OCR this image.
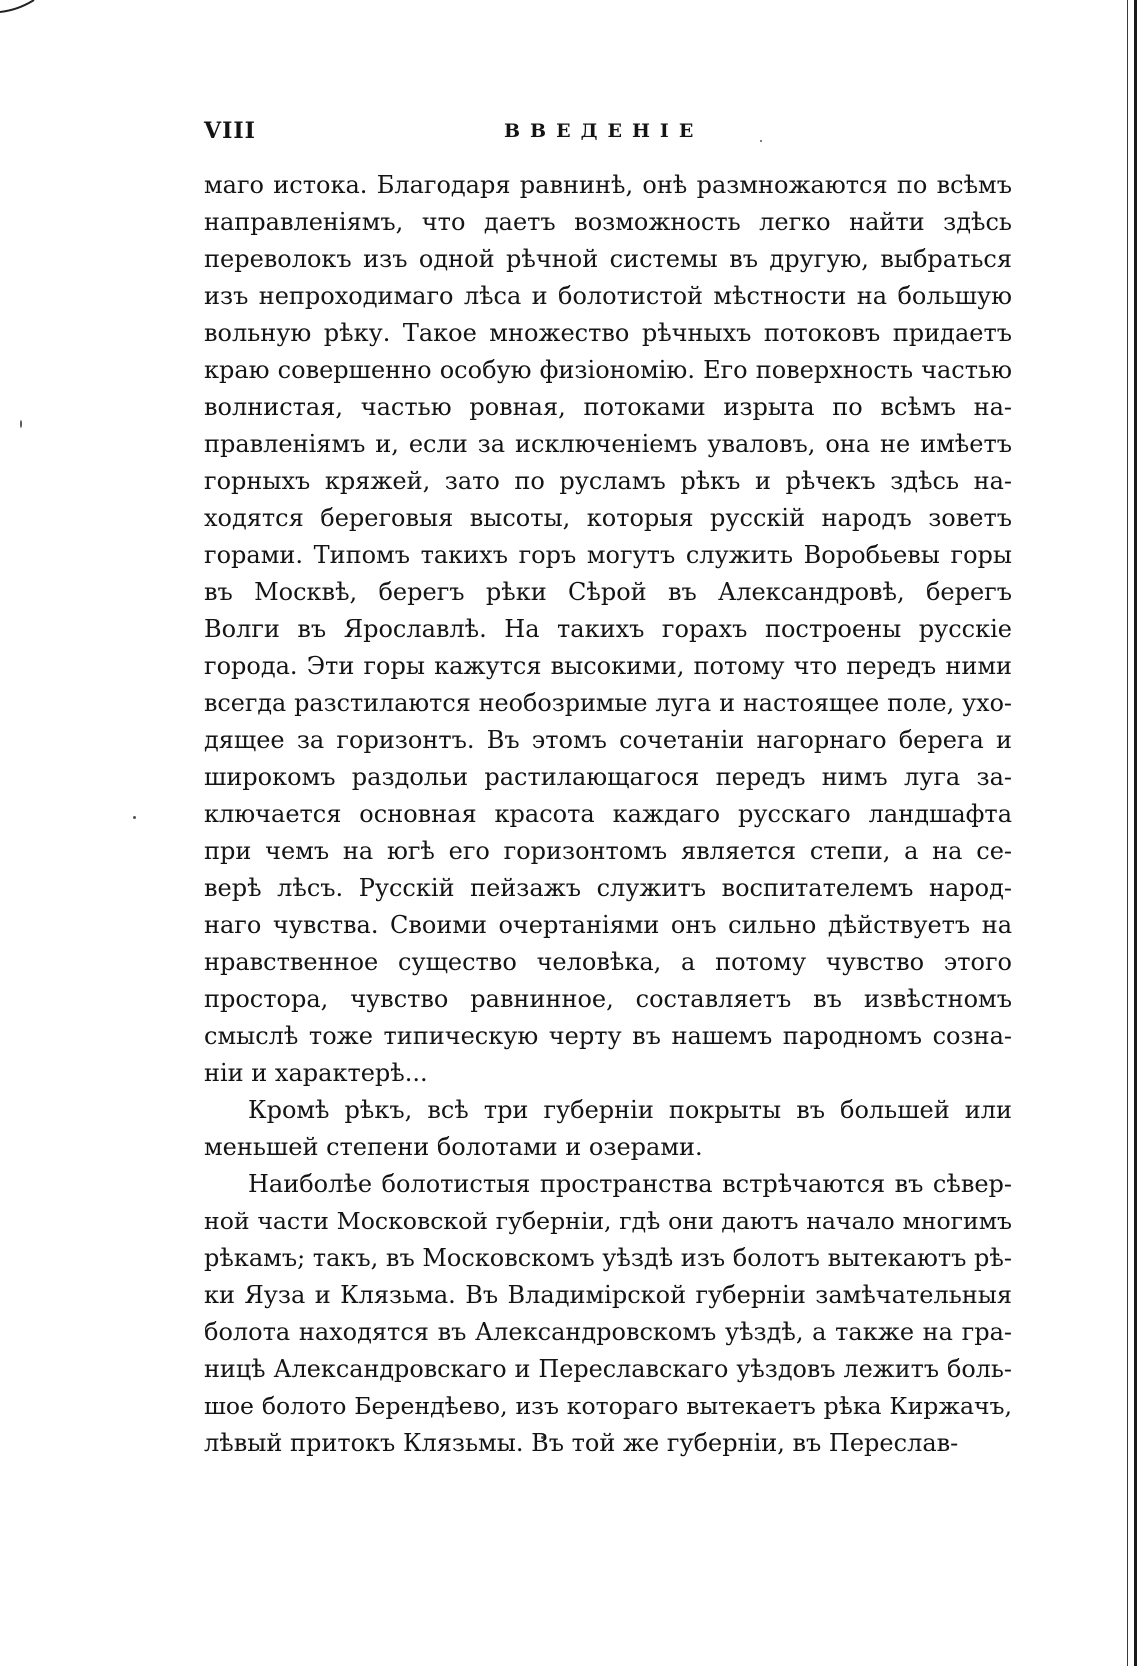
VIII	ВВЕДЕНІЕ
маго истока. Благодаря равнинѣ, онѣ размножаются по всѣмъ
направленіямъ, что даетъ возможность легко найти здѣсь
переволокъ изъ одной рѣчной системы въ другую, выбраться
изъ непроходимаго лѣса и болотистой мѣстности на большую
вольную рѣку. Такое множество рѣчныхъ потоковъ придаетъ
краю совершенно особую физіономію. Его поверхность частью
волнистая, частью ровная, потоками изрыта по всѣмъ на-
правленіямъ и, если за исключеніемъ уваловъ, она не имѣетъ
горныхъ кряжей, зато по русламъ рѣкъ и рѣчекъ здѣсь на-
ходятся береговыя высоты, которыя русскій народъ зоветъ
горами. Типомъ такихъ горъ могутъ служить Воробьевы горы
въ Москвѣ, берегъ рѣки Сѣрой въ Александровѣ, берегъ
Волги въ Ярославлѣ. На такихъ горахъ построены русскіе
города. Эти горы кажутся высокими, потому что передъ ними
всегда разстилаются необозримые луга и настоящее поле, ухо-
дящее за горизонтъ. Въ этомъ сочетаніи нагорнаго берега и
широкомъ раздольи растилающагося передъ нимъ луга за-
ключается основная красота каждаго русскаго ландшафта
при чемъ на югѣ его горизонтомъ является степи, а на се-
верѣ лѣсъ. Русскій пейзажъ служитъ воспитателемъ народ-
наго чувства. Своими очертаніями онъ сильно дѣйствуетъ на
нравственное существо человѣка, а потому чувство этого
простора, чувство равнинное, составляетъ въ извѣстномъ
смыслѣ тоже типическую черту въ нашемъ пародномъ созна-
ніи и характерѣ...
Кромѣ рѣкъ, всѣ три губерніи покрыты въ большей или
меньшей степени болотами и озерами.
Наиболѣе болотистыя пространства встрѣчаются въ сѣвер-
ной части Московской губерніи, гдѣ они даютъ начало многимъ
рѣкамъ; такъ, въ Московскомъ уѣздѣ изъ болотъ вытекаютъ рѣ-
ки Яуза и Клязьма. Въ Владимірской губерніи замѣчательныя
болота находятся въ Александровскомъ уѣздѣ, а также на гра-
ницѣ Александровскаго и Переславскаго уѣздовъ лежитъ боль-
шое болото Берендѣево, изъ котораго вытекаетъ рѣка Киржачъ,
лѣвый притокъ Клязьмы. Въ той же губерніи, въ Переслав-
